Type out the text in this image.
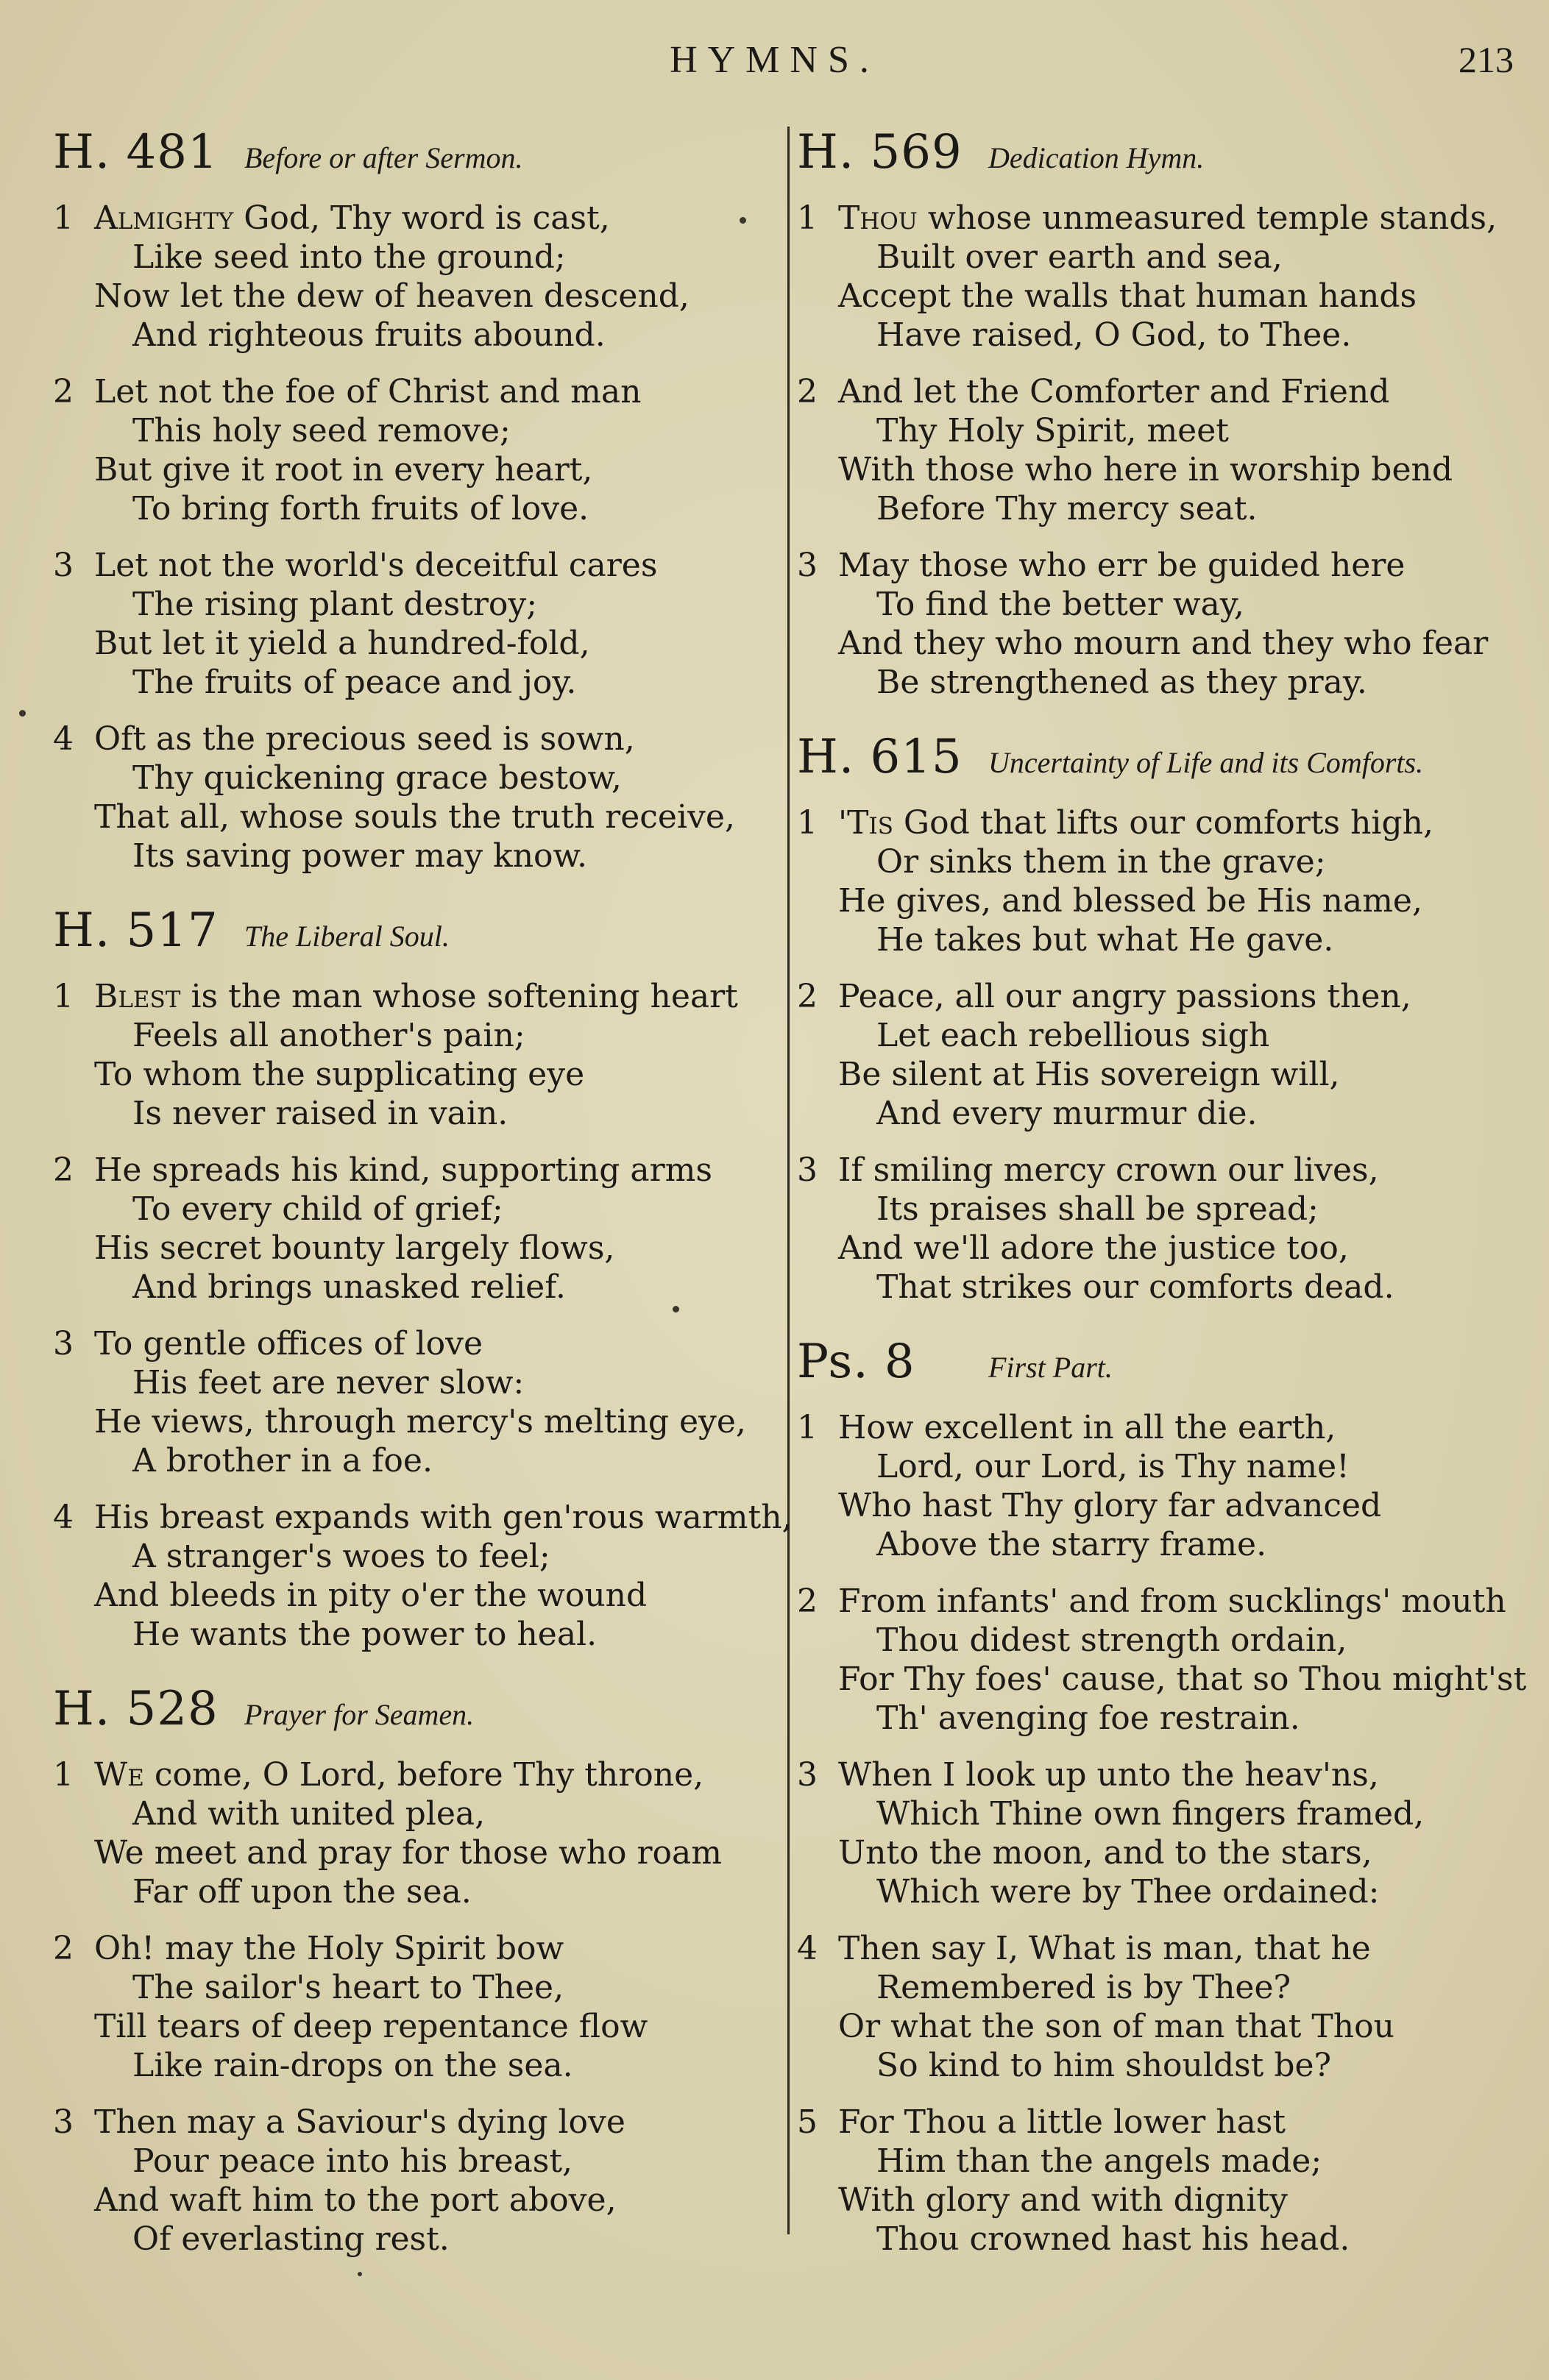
HYMNS.	213
H. 481 Before or after Sermon.
1 Almighty God, Thy word is cast,
Like seed into the ground;
Now let the dew of heaven descend,
And righteous fruits abound.
2 Let not the foe of Christ and man
This holy seed remove;
But give it root in every heart,
To bring forth fruits of love.
3 Let not the world's deceitful cares
The rising plant destroy;
But let it yield a hundred-fold,
The fruits of peace and joy.
4 Oft as the precious seed is sown,
Thy quickening grace bestow,
That all, whose souls the truth receive,
Its saving power may know.
H. 517 The Liberal Soul.
1 Blest is the man whose softening heart
Feels all another's pain;
To whom the supplicating eye
Is never raised in vain.
2 He spreads his kind, supporting arms
To every child of grief;
His secret bounty largely flows,
And brings unasked relief.
3 To gentle offices of love
His feet are never slow:
He views, through mercy's melting eye,
A brother in a foe.
4 His breast expands with gen'rous warmth,
A stranger's woes to feel;
And bleeds in pity o'er the wound
He wants the power to heal.
H. 528 Prayer for Seamen.
1 We come, O Lord, before Thy throne,
And with united plea,
We meet and pray for those who roam
Far off upon the sea.
2 Oh! may the Holy Spirit bow
The sailor's heart to Thee,
Till tears of deep repentance flow
Like rain-drops on the sea.
3 Then may a Saviour's dying love
Pour peace into his breast,
And waft him to the port above,
Of everlasting rest.
H. 569 Dedication Hymn.
1 Thou whose unmeasured temple stands,
Built over earth and sea,
Accept the walls that human hands
Have raised, O God, to Thee.
2 And let the Comforter and Friend
Thy Holy Spirit, meet
With those who here in worship bend
Before Thy mercy seat.
3 May those who err be guided here
To find the better way,
And they who mourn and they who fear
Be strengthened as they pray.
H. 615 Uncertainty of Life and its Comforts.
1 'Tis God that lifts our comforts high,
Or sinks them in the grave;
He gives, and blessed be His name,
He takes but what He gave.
2 Peace, all our angry passions then,
Let each rebellious sigh
Be silent at His sovereign will,
And every murmur die.
3 If smiling mercy crown our lives,
Its praises shall be spread;
And we'll adore the justice too,
That strikes our comforts dead.
Ps. 8	First Part.
1 How excellent in all the earth,
Lord, our Lord, is Thy name!
Who hast Thy glory far advanced
Above the starry frame.
2 From infants' and from sucklings' mouth
Thou didest strength ordain,
For Thy foes' cause, that so Thou might'st
Th' avenging foe restrain.
3 When I look up unto the heav'ns,
Which Thine own fingers framed,
Unto the moon, and to the stars,
Which were by Thee ordained:
4 Then say I, What is man, that he
Remembered is by Thee?
Or what the son of man that Thou
So kind to him shouldst be?
5 For Thou a little lower hast
Him than the angels made;
With glory and with dignity
Thou crowned hast his head.
